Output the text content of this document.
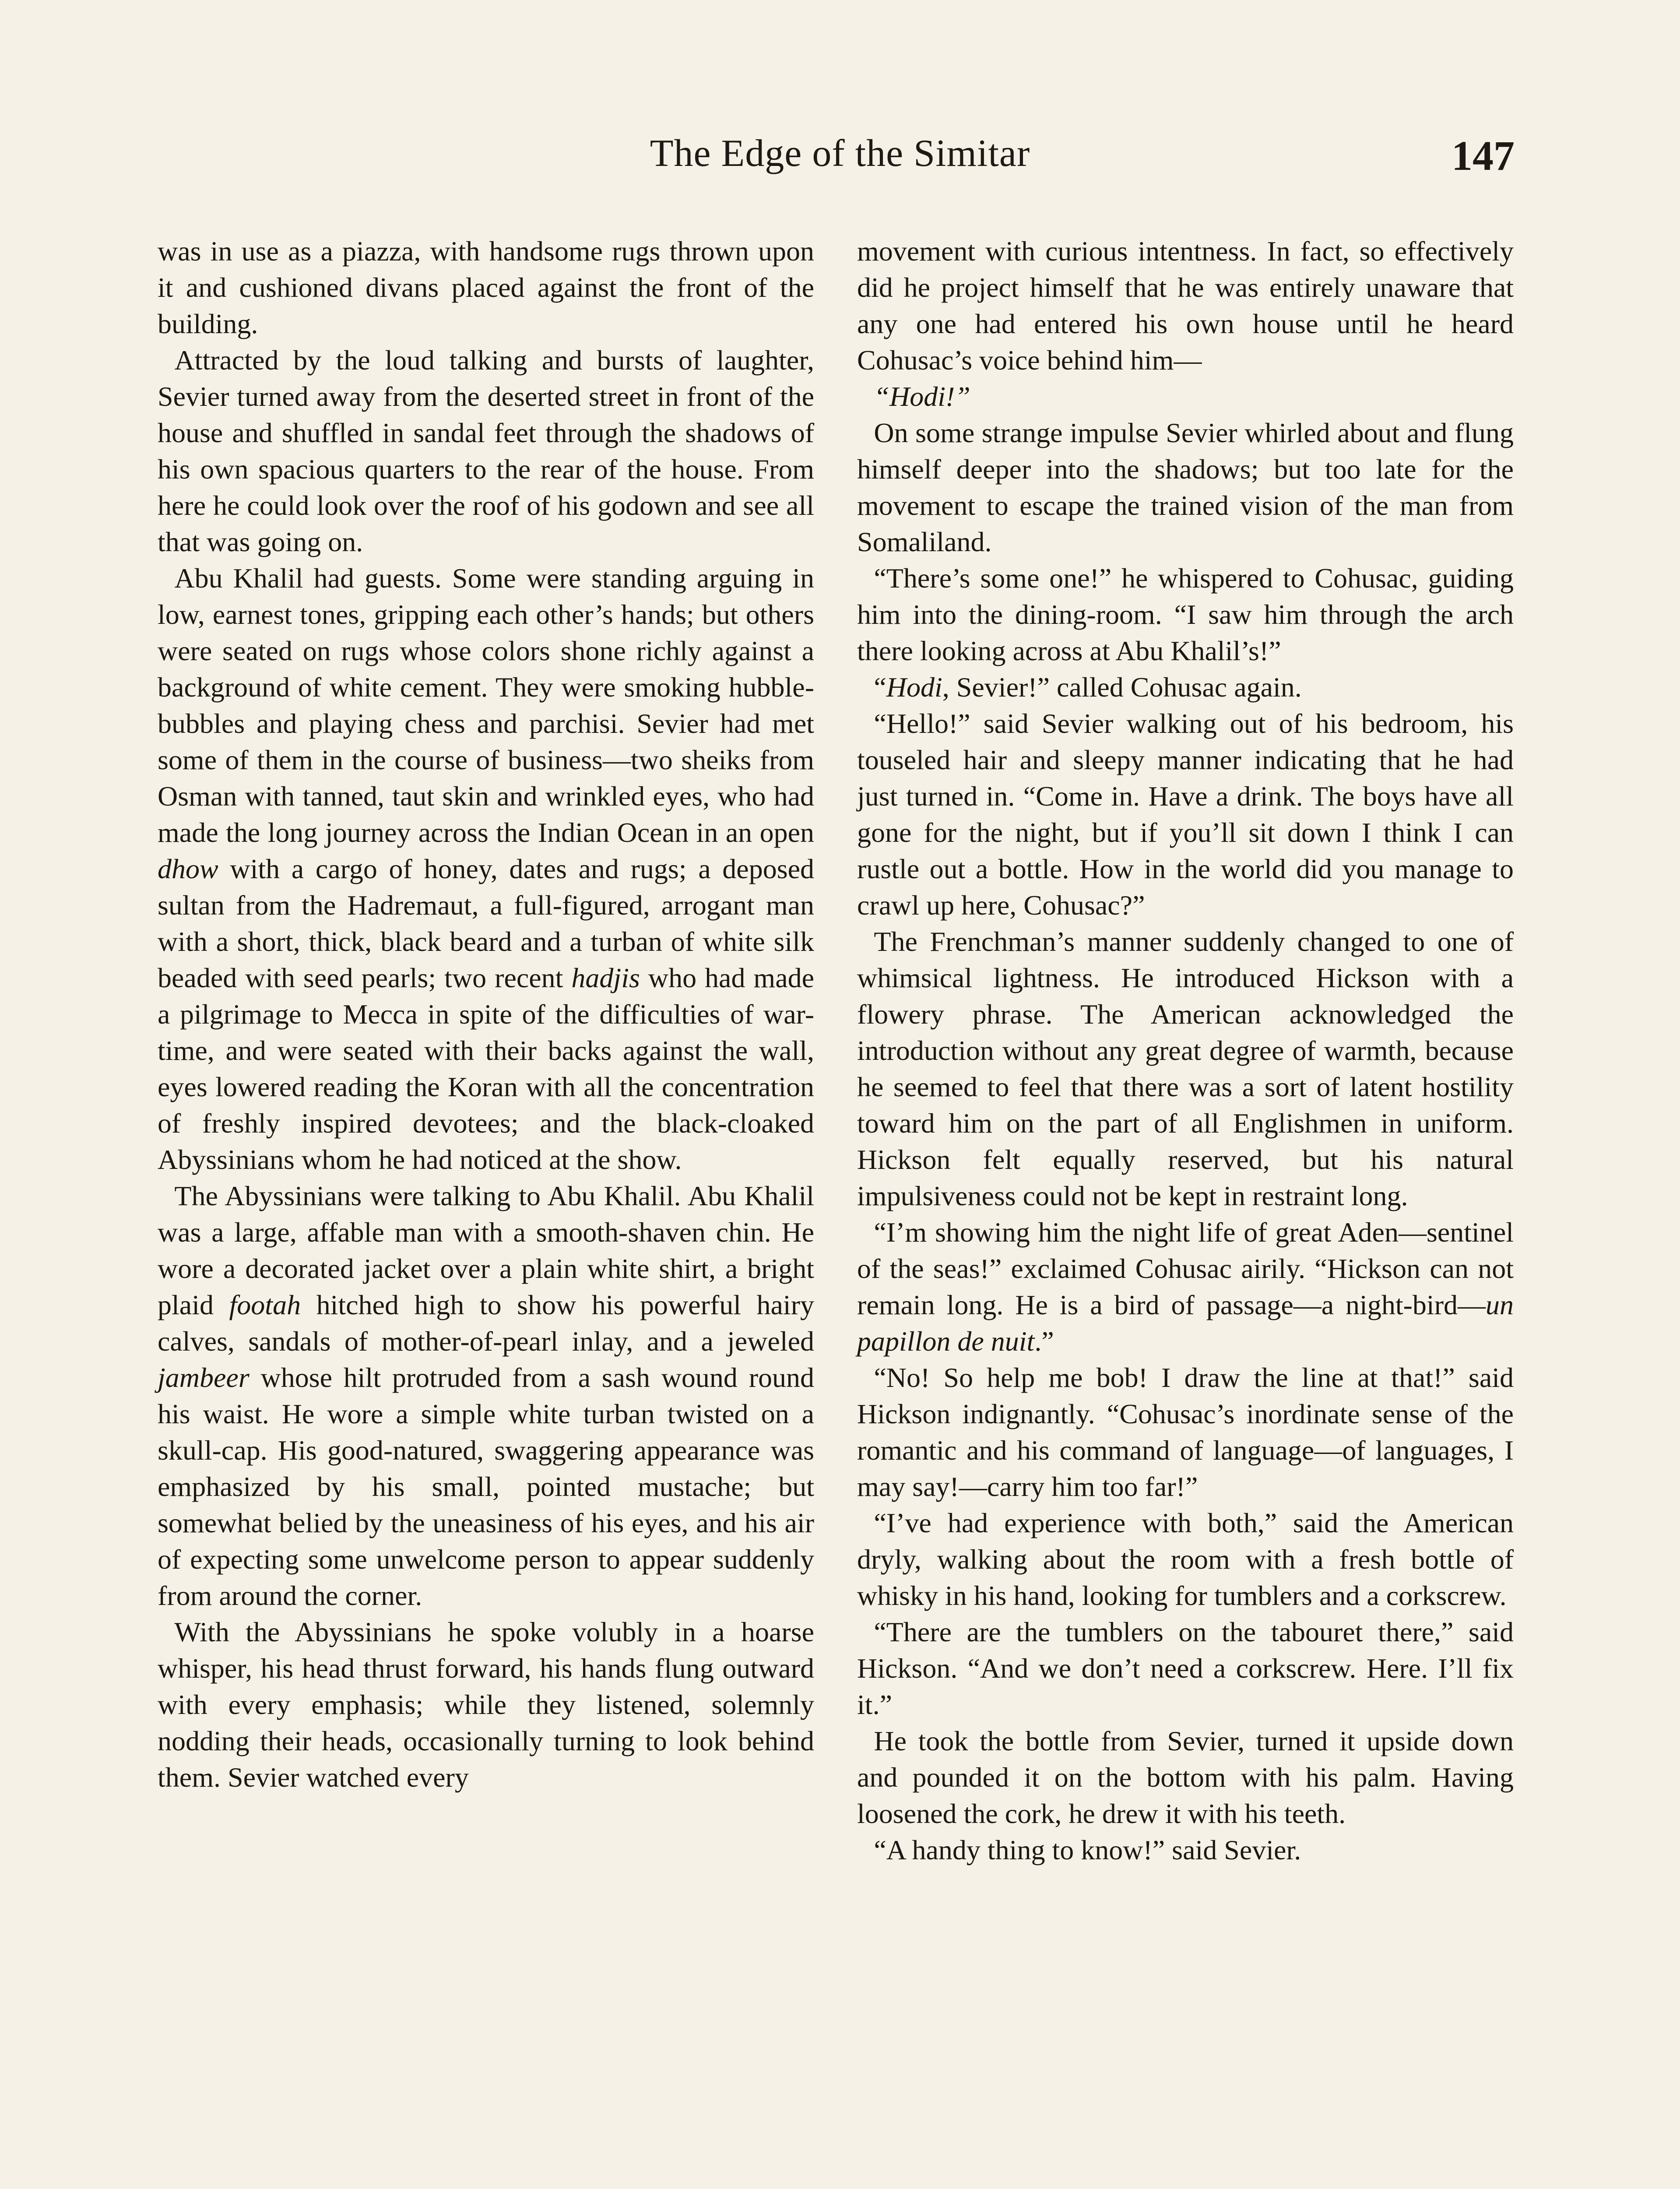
The Edge of the Simitar	147

was in use as a piazza, with handsome rugs thrown upon it and cushioned divans placed against the front of the building.

Attracted by the loud talking and bursts of laughter, Sevier turned away from the deserted street in front of the house and shuffled in sandal feet through the shadows of his own spacious quarters to the rear of the house. From here he could look over the roof of his godown and see all that was going on.

Abu Khalil had guests. Some were standing arguing in low, earnest tones, gripping each other’s hands; but others were seated on rugs whose colors shone richly against a background of white cement. They were smoking hubble-bubbles and playing chess and parchisi. Sevier had met some of them in the course of business—two sheiks from Osman with tanned, taut skin and wrinkled eyes, who had made the long journey across the Indian Ocean in an open dhow with a cargo of honey, dates and rugs; a deposed sultan from the Hadremaut, a full-figured, arrogant man with a short, thick, black beard and a turban of white silk beaded with seed pearls; two recent hadjis who had made a pilgrimage to Mecca in spite of the difficulties of war-time, and were seated with their backs against the wall, eyes lowered reading the Koran with all the concentration of freshly inspired devotees; and the black-cloaked Abyssinians whom he had noticed at the show.

The Abyssinians were talking to Abu Khalil. Abu Khalil was a large, affable man with a smooth-shaven chin. He wore a decorated jacket over a plain white shirt, a bright plaid footah hitched high to show his powerful hairy calves, sandals of mother-of-pearl inlay, and a jeweled jambeer whose hilt protruded from a sash wound round his waist. He wore a simple white turban twisted on a skull-cap. His good-natured, swaggering appearance was emphasized by his small, pointed mustache; but somewhat belied by the uneasiness of his eyes, and his air of expecting some unwelcome person to appear suddenly from around the corner.

With the Abyssinians he spoke volubly in a hoarse whisper, his head thrust forward, his hands flung outward with every emphasis; while they listened, solemnly nodding their heads, occasionally turning to look behind them. Sevier watched every

movement with curious intentness. In fact, so effectively did he project himself that he was entirely unaware that any one had entered his own house until he heard Cohusac’s voice behind him—

“Hodi!”

On some strange impulse Sevier whirled about and flung himself deeper into the shadows; but too late for the movement to escape the trained vision of the man from Somaliland.

“There’s some one!” he whispered to Cohusac, guiding him into the dining-room. “I saw him through the arch there looking across at Abu Khalil’s!”

“Hodi, Sevier!” called Cohusac again.

“Hello!” said Sevier walking out of his bedroom, his touseled hair and sleepy manner indicating that he had just turned in. “Come in. Have a drink. The boys have all gone for the night, but if you’ll sit down I think I can rustle out a bottle. How in the world did you manage to crawl up here, Cohusac?”

The Frenchman’s manner suddenly changed to one of whimsical lightness. He introduced Hickson with a flowery phrase. The American acknowledged the introduction without any great degree of warmth, because he seemed to feel that there was a sort of latent hostility toward him on the part of all Englishmen in uniform. Hickson felt equally reserved, but his natural impulsiveness could not be kept in restraint long.

“I’m showing him the night life of great Aden—sentinel of the seas!” exclaimed Cohusac airily. “Hickson can not remain long. He is a bird of passage—a night-bird—un papillon de nuit.”

“No! So help me bob! I draw the line at that!” said Hickson indignantly. “Cohusac’s inordinate sense of the romantic and his command of language—of languages, I may say!—carry him too far!”

“I’ve had experience with both,” said the American dryly, walking about the room with a fresh bottle of whisky in his hand, looking for tumblers and a corkscrew.

“There are the tumblers on the tabouret there,” said Hickson. “And we don’t need a corkscrew. Here. I’ll fix it.”

He took the bottle from Sevier, turned it upside down and pounded it on the bottom with his palm. Having loosened the cork, he drew it with his teeth.

“A handy thing to know!” said Sevier.
